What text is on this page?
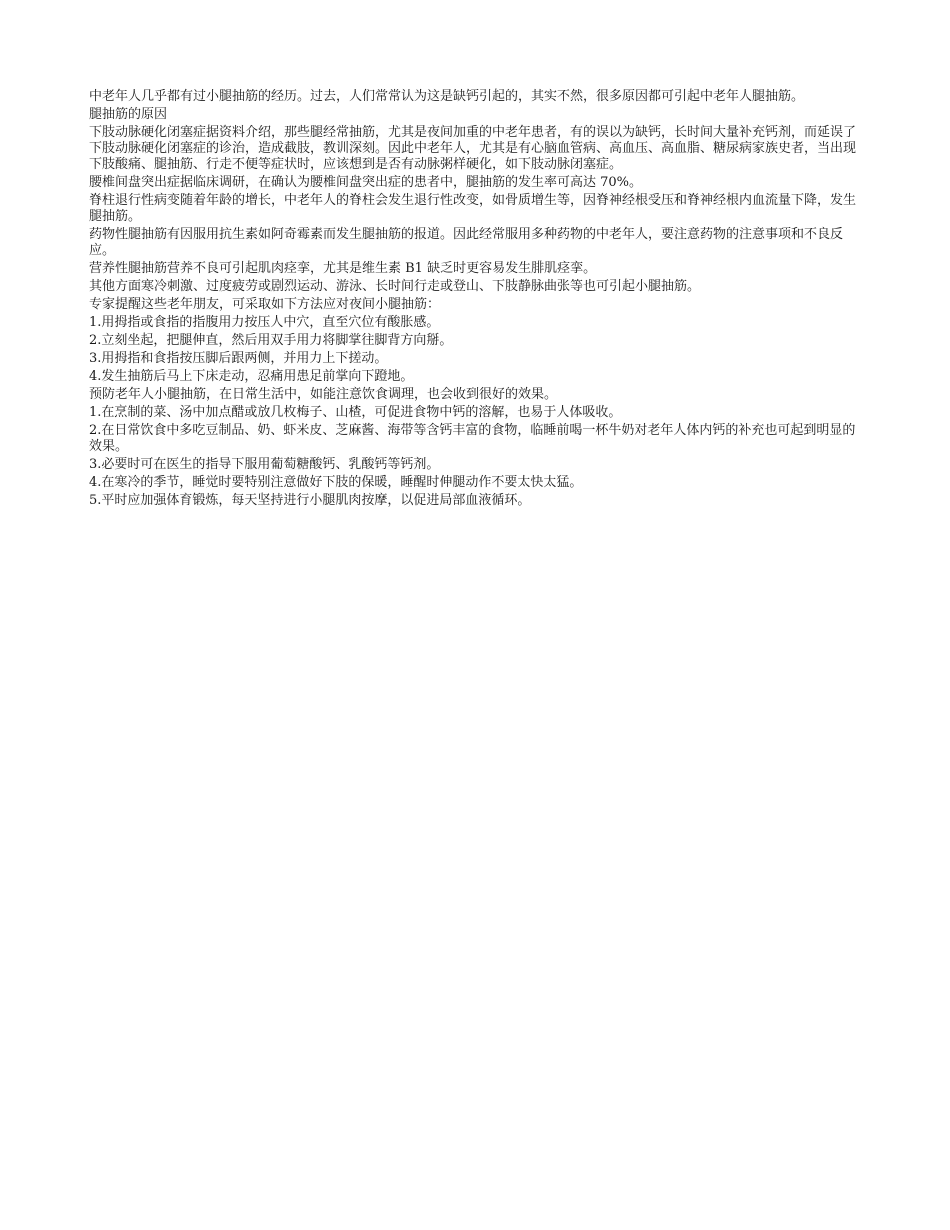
中老年人几乎都有过小腿抽筋的经历。过去，人们常常认为这是缺钙引起的，其实不然，很多原因都可引起中老年人腿抽筋。

腿抽筋的原因

下肢动脉硬化闭塞症据资料介绍，那些腿经常抽筋，尤其是夜间加重的中老年患者，有的误以为缺钙，长时间大量补充钙剂，而延误了下肢动脉硬化闭塞症的诊治，造成截肢，教训深刻。因此中老年人，尤其是有心脑血管病、高血压、高血脂、糖尿病家族史者，当出现下肢酸痛、腿抽筋、行走不便等症状时，应该想到是否有动脉粥样硬化，如下肢动脉闭塞症。

腰椎间盘突出症据临床调研，在确认为腰椎间盘突出症的患者中，腿抽筋的发生率可高达 70%。

脊柱退行性病变随着年龄的增长，中老年人的脊柱会发生退行性改变，如骨质增生等，因脊神经根受压和脊神经根内血流量下降，发生腿抽筋。

药物性腿抽筋有因服用抗生素如阿奇霉素而发生腿抽筋的报道。因此经常服用多种药物的中老年人，要注意药物的注意事项和不良反应。

营养性腿抽筋营养不良可引起肌肉痉挛，尤其是维生素 B1 缺乏时更容易发生腓肌痉挛。

其他方面寒冷刺激、过度疲劳或剧烈运动、游泳、长时间行走或登山、下肢静脉曲张等也可引起小腿抽筋。

专家提醒这些老年朋友，可采取如下方法应对夜间小腿抽筋：

1.用拇指或食指的指腹用力按压人中穴，直至穴位有酸胀感。

2.立刻坐起，把腿伸直，然后用双手用力将脚掌往脚背方向掰。

3.用拇指和食指按压脚后跟两侧，并用力上下搓动。

4.发生抽筋后马上下床走动，忍痛用患足前掌向下蹬地。

预防老年人小腿抽筋，在日常生活中，如能注意饮食调理，也会收到很好的效果。

1.在烹制的菜、汤中加点醋或放几枚梅子、山楂，可促进食物中钙的溶解，也易于人体吸收。

2.在日常饮食中多吃豆制品、奶、虾米皮、芝麻酱、海带等含钙丰富的食物，临睡前喝一杯牛奶对老年人体内钙的补充也可起到明显的效果。

3.必要时可在医生的指导下服用葡萄糖酸钙、乳酸钙等钙剂。

4.在寒冷的季节，睡觉时要特别注意做好下肢的保暖，睡醒时伸腿动作不要太快太猛。

5.平时应加强体育锻炼，每天坚持进行小腿肌肉按摩，以促进局部血液循环。
